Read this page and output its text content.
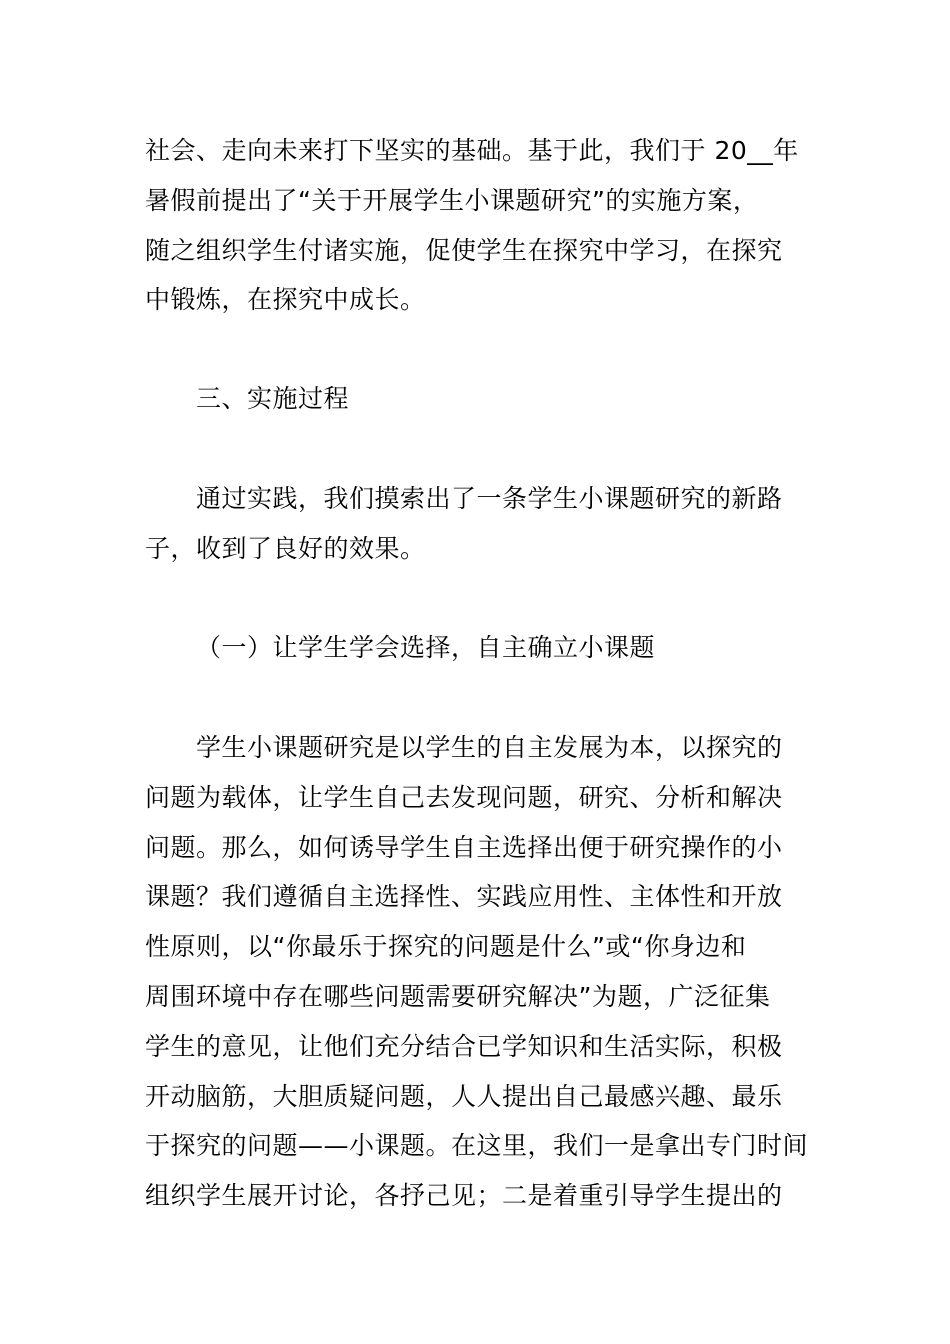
社会、走向未来打下坚实的基础。基于此，我们于 20__年
暑假前提出了“关于开展学生小课题研究”的实施方案，
随之组织学生付诸实施，促使学生在探究中学习，在探究
中锻炼，在探究中成长。
三、实施过程
通过实践，我们摸索出了一条学生小课题研究的新路
子，收到了良好的效果。
（一）让学生学会选择，自主确立小课题
学生小课题研究是以学生的自主发展为本，以探究的
问题为载体，让学生自己去发现问题，研究、分析和解决
问题。那么，如何诱导学生自主选择出便于研究操作的小
课题？我们遵循自主选择性、实践应用性、主体性和开放
性原则，以“你最乐于探究的问题是什么”或“你身边和
周围环境中存在哪些问题需要研究解决”为题，广泛征集
学生的意见，让他们充分结合已学知识和生活实际，积极
开动脑筋，大胆质疑问题，人人提出自己最感兴趣、最乐
于探究的问题——小课题。在这里，我们一是拿出专门时间
组织学生展开讨论，各抒己见；二是着重引导学生提出的
